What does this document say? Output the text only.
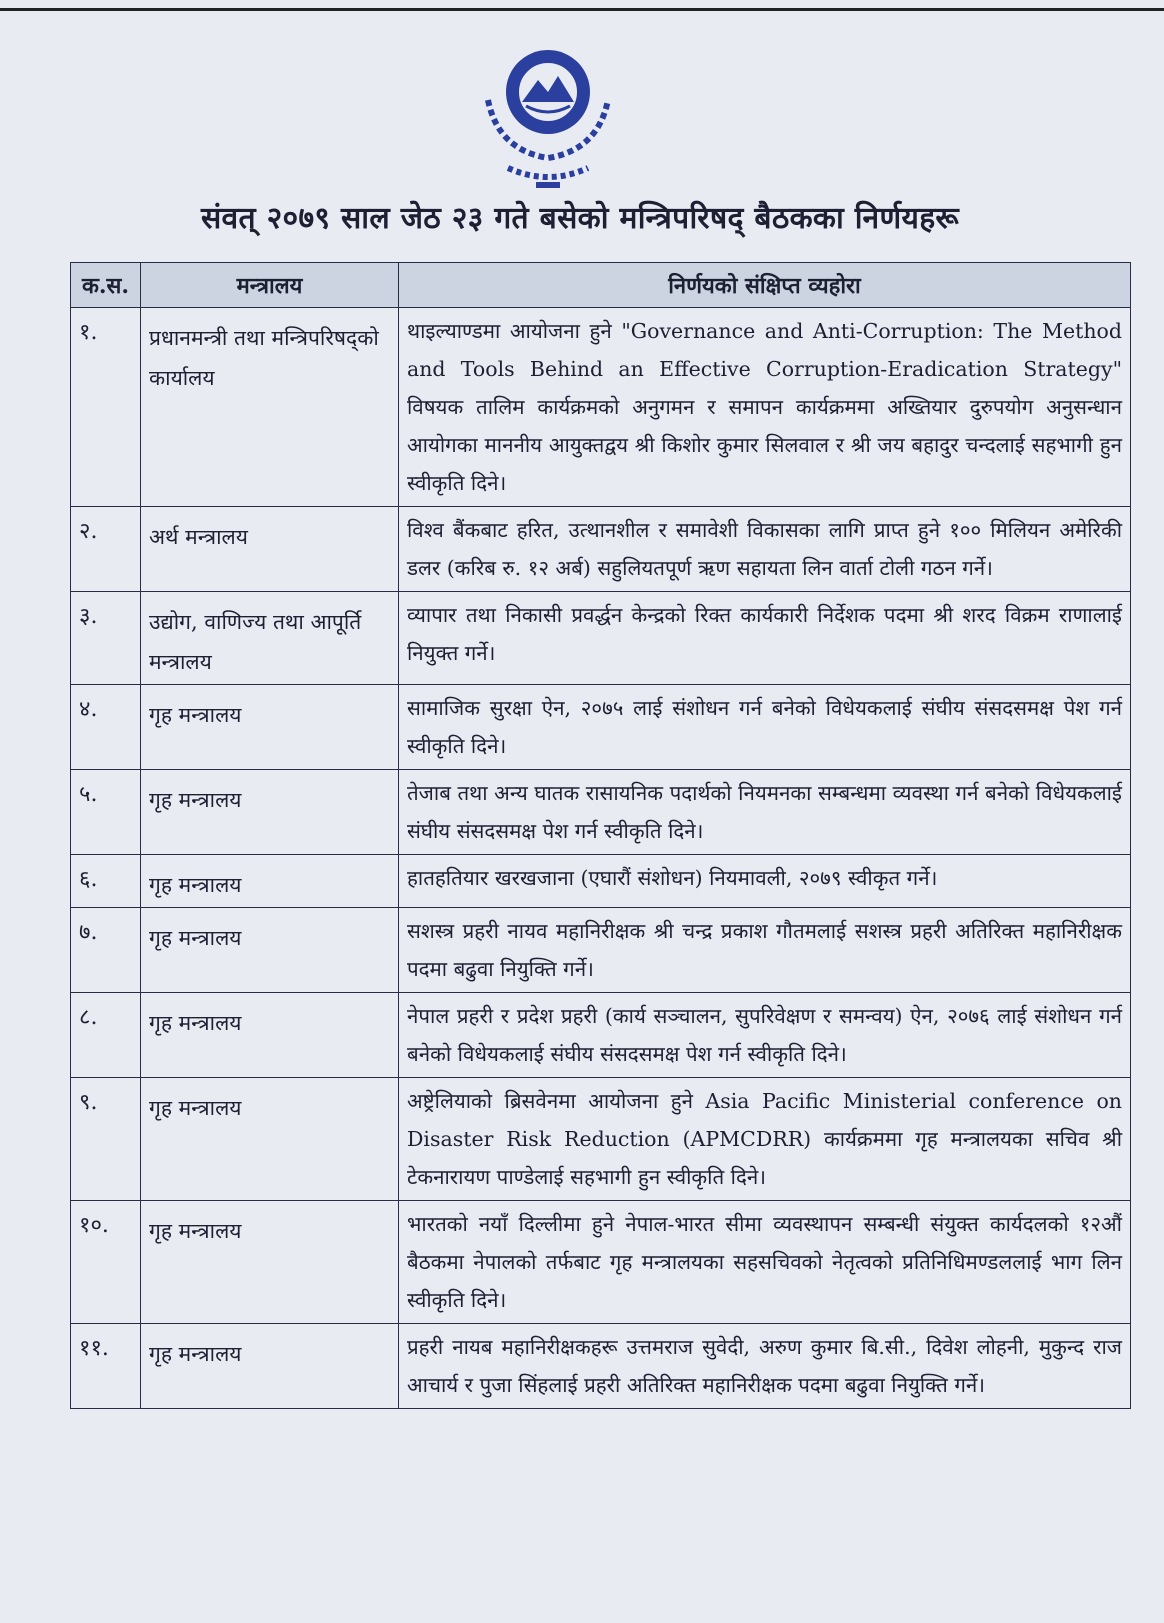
संवत् २०७९ साल जेठ २३ गते बसेको मन्त्रिपरिषद् बैठकका निर्णयहरू
क.स.	मन्त्रालय	निर्णयको संक्षिप्त व्यहोरा
१.	प्रधानमन्त्री तथा मन्त्रिपरिषद्को कार्यालय	थाइल्याण्डमा आयोजना हुने "Governance and Anti-Corruption: The Method and Tools Behind an Effective Corruption-Eradication Strategy" विषयक तालिम कार्यक्रमको अनुगमन र समापन कार्यक्रममा अख्तियार दुरुपयोग अनुसन्धान आयोगका माननीय आयुक्तद्वय श्री किशोर कुमार सिलवाल र श्री जय बहादुर चन्दलाई सहभागी हुन स्वीकृति दिने।
२.	अर्थ मन्त्रालय	विश्व बैंकबाट हरित, उत्थानशील र समावेशी विकासका लागि प्राप्त हुने १०० मिलियन अमेरिकी डलर (करिब रु. १२ अर्ब) सहुलियतपूर्ण ऋण सहायता लिन वार्ता टोली गठन गर्ने।
३.	उद्योग, वाणिज्य तथा आपूर्ति मन्त्रालय	व्यापार तथा निकासी प्रवर्द्धन केन्द्रको रिक्त कार्यकारी निर्देशक पदमा श्री शरद विक्रम राणालाई नियुक्त गर्ने।
४.	गृह मन्त्रालय	सामाजिक सुरक्षा ऐन, २०७५ लाई संशोधन गर्न बनेको विधेयकलाई संघीय संसदसमक्ष पेश गर्न स्वीकृति दिने।
५.	गृह मन्त्रालय	तेजाब तथा अन्य घातक रासायनिक पदार्थको नियमनका सम्बन्धमा व्यवस्था गर्न बनेको विधेयकलाई संघीय संसदसमक्ष पेश गर्न स्वीकृति दिने।
६.	गृह मन्त्रालय	हातहतियार खरखजाना (एघारौं संशोधन) नियमावली, २०७९ स्वीकृत गर्ने।
७.	गृह मन्त्रालय	सशस्त्र प्रहरी नायव महानिरीक्षक श्री चन्द्र प्रकाश गौतमलाई सशस्त्र प्रहरी अतिरिक्त महानिरीक्षक पदमा बढुवा नियुक्ति गर्ने।
८.	गृह मन्त्रालय	नेपाल प्रहरी र प्रदेश प्रहरी (कार्य सञ्चालन, सुपरिवेक्षण र समन्वय) ऐन, २०७६ लाई संशोधन गर्न बनेको विधेयकलाई संघीय संसदसमक्ष पेश गर्न स्वीकृति दिने।
९.	गृह मन्त्रालय	अष्ट्रेलियाको ब्रिसवेनमा आयोजना हुने Asia Pacific Ministerial conference on Disaster Risk Reduction (APMCDRR) कार्यक्रममा गृह मन्त्रालयका सचिव श्री टेकनारायण पाण्डेलाई सहभागी हुन स्वीकृति दिने।
१०.	गृह मन्त्रालय	भारतको नयाँ दिल्लीमा हुने नेपाल-भारत सीमा व्यवस्थापन सम्बन्धी संयुक्त कार्यदलको १२औं बैठकमा नेपालको तर्फबाट गृह मन्त्रालयका सहसचिवको नेतृत्वको प्रतिनिधिमण्डललाई भाग लिन स्वीकृति दिने।
११.	गृह मन्त्रालय	प्रहरी नायब महानिरीक्षकहरू उत्तमराज सुवेदी, अरुण कुमार बि.सी., दिवेश लोहनी, मुकुन्द राज आचार्य र पुजा सिंहलाई प्रहरी अतिरिक्त महानिरीक्षक पदमा बढुवा नियुक्ति गर्ने।
